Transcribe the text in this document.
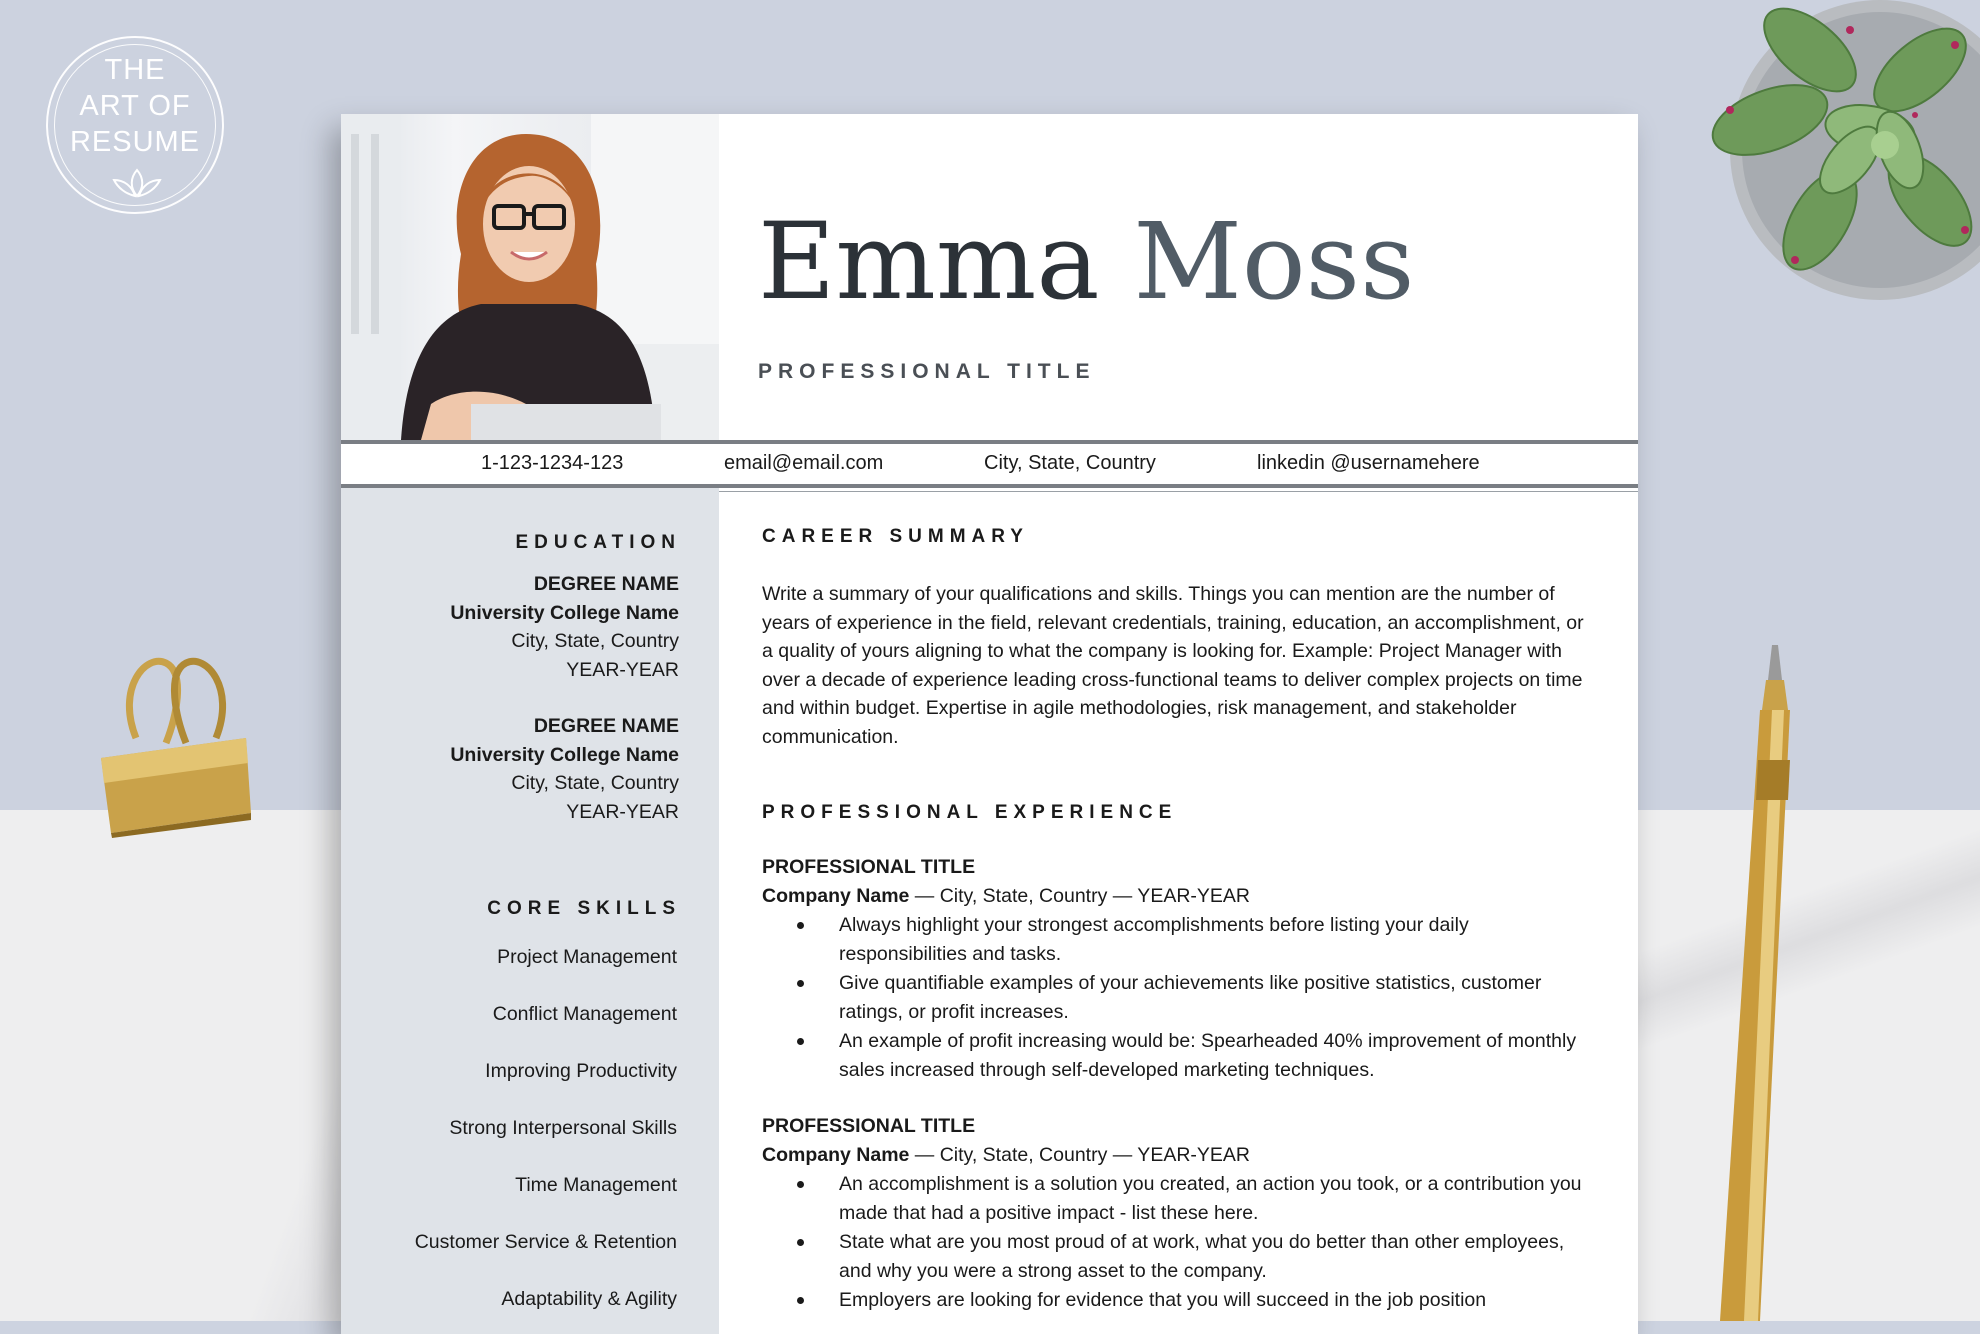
THE
ART OF
RESUME
Emma Moss
PROFESSIONAL TITLE
1-123-1234-123	email@email.com	City, State, Country	linkedin @usernamehere
EDUCATION
DEGREE NAME
University College Name
City, State, Country
YEAR-YEAR
DEGREE NAME
University College Name
City, State, Country
YEAR-YEAR
CORE SKILLS
Project Management
Conflict Management
Improving Productivity
Strong Interpersonal Skills
Time Management
Customer Service & Retention
Adaptability & Agility
CAREER SUMMARY
Write a summary of your qualifications and skills. Things you can mention are the number of years of experience in the field, relevant credentials, training, education, an accomplishment, or a quality of yours aligning to what the company is looking for. Example: Project Manager with over a decade of experience leading cross-functional teams to deliver complex projects on time and within budget. Expertise in agile methodologies, risk management, and stakeholder communication.
PROFESSIONAL EXPERIENCE
PROFESSIONAL TITLE
Company Name — City, State, Country — YEAR-YEAR
Always highlight your strongest accomplishments before listing your daily responsibilities and tasks.
Give quantifiable examples of your achievements like positive statistics, customer ratings, or profit increases.
An example of profit increasing would be: Spearheaded 40% improvement of monthly sales increased through self-developed marketing techniques.
PROFESSIONAL TITLE
Company Name — City, State, Country — YEAR-YEAR
An accomplishment is a solution you created, an action you took, or a contribution you made that had a positive impact - list these here.
State what are you most proud of at work, what you do better than other employees, and why you were a strong asset to the company.
Employers are looking for evidence that you will succeed in the job position
